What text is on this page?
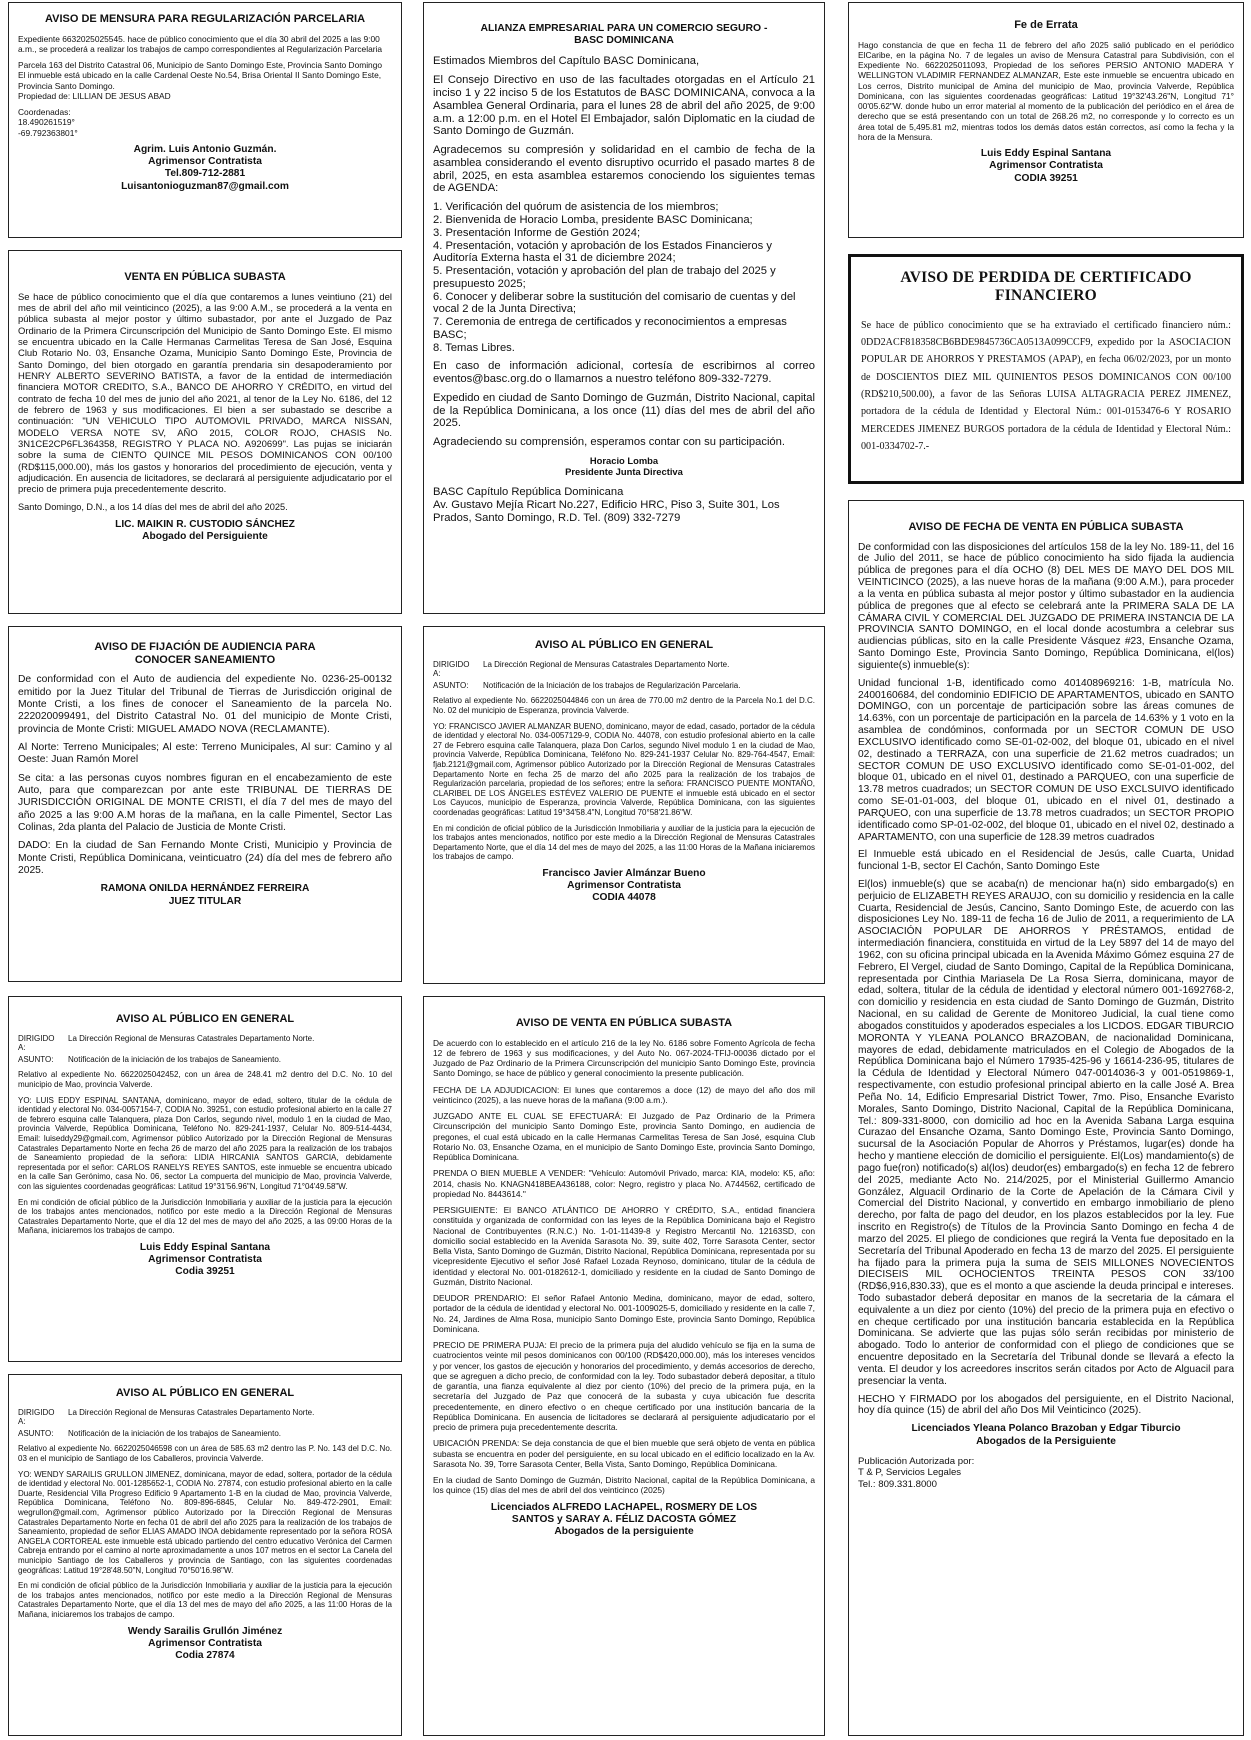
AVISO DE MENSURA PARA REGULARIZACIÓN PARCELARIA
Expediente 6632025025545. hace de público conocimiento que el día 30 abril del 2025 a las 9:00 a.m., se procederá a realizar los trabajos de campo correspondientes al Regularización Parcelaria
Parcela 163 del Distrito Catastral 06, Municipio de Santo Domingo Este, Provincia Santo Domingo
El inmueble está ubicado en la calle Cardenal Oeste No.54, Brisa Oriental II Santo Domingo Este, Provincia Santo Domingo.
Propiedad de: LILLIAN DE JESUS ABAD
Coordenadas:
18.490261519°
-69.792363801°
Agrim. Luis Antonio Guzmán.
Agrimensor Contratista
Tel.809-712-2881
Luisantonioguzman87@gmail.com
VENTA EN PÚBLICA SUBASTA
Se hace de público conocimiento que el día que contaremos a lunes veintiuno (21) del mes de abril del año mil veinticinco (2025), a las 9:00 A.M., se procederá a la venta en pública subasta al mejor postor y último subastador, por ante el Juzgado de Paz Ordinario de la Primera Circunscripción del Municipio de Santo Domingo Este. El mismo se encuentra ubicado en la Calle Hermanas Carmelitas Teresa de San José, Esquina Club Rotario No. 03, Ensanche Ozama, Municipio Santo Domingo Este, Provincia de Santo Domingo, del bien otorgado en garantía prendaria sin desapoderamiento por HENRY ALBERTO SEVERINO BATISTA, a favor de la entidad de intermediación financiera MOTOR CREDITO, S.A., BANCO DE AHORRO Y CRÉDITO, en virtud del contrato de fecha 10 del mes de junio del año 2021, al tenor de la Ley No. 6186, del 12 de febrero de 1963 y sus modificaciones. El bien a ser subastado se describe a continuación: "UN VEHICULO TIPO AUTOMOVIL PRIVADO, MARCA NISSAN, MODELO VERSA NOTE SV, AÑO 2015, COLOR ROJO, CHASIS No. 3N1CE2CP6FL364358, REGISTRO Y PLACA NO. A920699". Las pujas se iniciarán sobre la suma de CIENTO QUINCE MIL PESOS DOMINICANOS CON 00/100 (RD$115,000.00), más los gastos y honorarios del procedimiento de ejecución, venta y adjudicación. En ausencia de licitadores, se declarará al persiguiente adjudicatario por el precio de primera puja precedentemente descrito.
Santo Domingo, D.N., a los 14 días del mes de abril del año 2025.
LIC. MAIKIN R. CUSTODIO SÁNCHEZ
Abogado del Persiguiente
AVISO DE FIJACIÓN DE AUDIENCIA PARA
CONOCER SANEAMIENTO
De conformidad con el Auto de audiencia del expediente No. 0236-25-00132 emitido por la Juez Titular del Tribunal de Tierras de Jurisdicción original de Monte Cristi, a los fines de conocer el Saneamiento de la parcela No. 222020099491, del Distrito Catastral No. 01 del municipio de Monte Cristi, provincia de Monte Cristi: MIGUEL AMADO NOVA (RECLAMANTE).
Al Norte: Terreno Municipales; Al este: Terreno Municipales, Al sur: Camino y al Oeste: Juan Ramón Morel
Se cita: a las personas cuyos nombres figuran en el encabezamiento de este Auto, para que comparezcan por ante este TRIBUNAL DE TIERRAS DE JURISDICCIÓN ORIGINAL DE MONTE CRISTI, el día 7 del mes de mayo del año 2025 a las 9:00 A.M horas de la mañana, en la calle Pimentel, Sector Las Colinas, 2da planta del Palacio de Justicia de Monte Cristi.
DADO: En la ciudad de San Fernando Monte Cristi, Municipio y Provincia de Monte Cristi, República Dominicana, veinticuatro (24) día del mes de febrero año 2025.
RAMONA ONILDA HERNÁNDEZ FERREIRA
JUEZ TITULAR
AVISO AL PÚBLICO EN GENERAL
DIRIGIDO A:
La Dirección Regional de Mensuras Catastrales Departamento Norte.
ASUNTO:	Notificación de la iniciación de los trabajos de Saneamiento.
Relativo al expediente No. 6622025042452, con un área de 248.41 m2 dentro del D.C. No. 10 del municipio de Mao, provincia Valverde.
YO: LUIS EDDY ESPINAL SANTANA, dominicano, mayor de edad, soltero, titular de la cédula de identidad y electoral No. 034-0057154-7, CODIA No. 39251, con estudio profesional abierto en la calle 27 de febrero esquina calle Talanquera, plaza Don Carlos, segundo nivel, modulo 1 en la ciudad de Mao, provincia Valverde, República Dominicana, Teléfono No. 829-241-1937, Celular No. 809-514-4434, Email: luiseddy29@gmail.com, Agrimensor público Autorizado por la Dirección Regional de Mensuras Catastrales Departamento Norte en fecha 26 de marzo del año 2025 para la realización de los trabajos de Saneamiento propiedad de la señora: LIDIA HIRCANIA SANTOS GARCIA, debidamente representada por el señor: CARLOS RANELYS REYES SANTOS, este inmueble se encuentra ubicado en la calle San Gerónimo, casa No. 06, sector La compuerta del municipio de Mao, provincia Valverde, con las siguientes coordenadas geográficas: Latitud 19°31'56.96"N, Longitud 71°04'49.58"W.
En mi condición de oficial público de la Jurisdicción Inmobiliaria y auxiliar de la justicia para la ejecución de los trabajos antes mencionados, notifico por este medio a la Dirección Regional de Mensuras Catastrales Departamento Norte, que el día 12 del mes de mayo del año 2025, a las 09:00 Horas de la Mañana, iniciaremos los trabajos de campo.
Luis Eddy Espinal Santana
Agrimensor Contratista
Codia 39251
AVISO AL PÚBLICO EN GENERAL
DIRIGIDO A:
La Dirección Regional de Mensuras Catastrales Departamento Norte.
ASUNTO:	Notificación de la iniciación de los trabajos de Saneamiento.
Relativo al expediente No. 6622025046598 con un área de 585.63 m2 dentro las P. No. 143 del D.C. No. 03 en el municipio de Santiago de los Caballeros, provincia Valverde.
YO: WENDY SARAILIS GRULLON JIMENEZ, dominicana, mayor de edad, soltera, portador de la cédula de identidad y electoral No. 001-1285652-1, CODIA No. 27874, con estudio profesional abierto en la calle Duarte, Residencial Villa Progreso Edificio 9 Apartamento 1-B en la ciudad de Mao, provincia Valverde, República Dominicana, Teléfono No. 809-896-6845, Celular No. 849-472-2901, Email: wegrullon@gmail.com, Agrimensor público Autorizado por la Dirección Regional de Mensuras Catastrales Departamento Norte en fecha 01 de abril del año 2025 para la realización de los trabajos de Saneamiento, propiedad de señor ELIAS AMADO INOA debidamente representado por la señora ROSA ANGELA CORTOREAL este inmueble está ubicado partiendo del centro educativo Verónica del Carmen Cabreja entrando por el camino al norte aproximadamente a unos 107 metros en el sector La Canela del municipio Santiago de los Caballeros y provincia de Santiago, con las siguientes coordenadas geográficas: Latitud 19°28'48.50"N, Longitud 70°50'16.98"W.
En mi condición de oficial público de la Jurisdicción Inmobiliaria y auxiliar de la justicia para la ejecución de los trabajos antes mencionados, notifico por este medio a la Dirección Regional de Mensuras Catastrales Departamento Norte, que el día 13 del mes de mayo del año 2025, a las 11:00 Horas de la Mañana, iniciaremos los trabajos de campo.
Wendy Sarailis Grullón Jiménez
Agrimensor Contratista
Codia 27874
ALIANZA EMPRESARIAL PARA UN COMERCIO SEGURO -
BASC DOMINICANA
Estimados Miembros del Capítulo BASC Dominicana,
El Consejo Directivo en uso de las facultades otorgadas en el Artículo 21 inciso 1 y 22 inciso 5 de los Estatutos de BASC DOMINICANA, convoca a la Asamblea General Ordinaria, para el lunes 28 de abril del año 2025, de 9:00 a.m. a 12:00 p.m. en el Hotel El Embajador, salón Diplomatic en la ciudad de Santo Domingo de Guzmán.
Agradecemos su compresión y solidaridad en el cambio de fecha de la asamblea considerando el evento disruptivo ocurrido el pasado martes 8 de abril, 2025, en esta asamblea estaremos conociendo los siguientes temas de AGENDA:
1. Verificación del quórum de asistencia de los miembros;
2. Bienvenida de Horacio Lomba, presidente BASC Dominicana;
3. Presentación Informe de Gestión 2024;
4. Presentación, votación y aprobación de los Estados Financieros y Auditoría Externa hasta el 31 de diciembre 2024;
5. Presentación, votación y aprobación del plan de trabajo del 2025 y presupuesto 2025;
6. Conocer y deliberar sobre la sustitución del comisario de cuentas y del vocal 2 de la Junta Directiva;
7. Ceremonia de entrega de certificados y reconocimientos a empresas BASC;
8. Temas Libres.
En caso de información adicional, cortesía de escribirnos al correo eventos@basc.org.do o llamarnos a nuestro teléfono 809-332-7279.
Expedido en ciudad de Santo Domingo de Guzmán, Distrito Nacional, capital de la República Dominicana, a los once (11) días del mes de abril del año 2025.
Agradeciendo su comprensión, esperamos contar con su participación.
Horacio Lomba
Presidente Junta Directiva
BASC Capítulo República Dominicana
Av. Gustavo Mejía Ricart No.227, Edificio HRC, Piso 3, Suite 301, Los Prados, Santo Domingo, R.D. Tel. (809) 332-7279
AVISO AL PÚBLICO EN GENERAL
DIRIGIDO A:
La Dirección Regional de Mensuras Catastrales Departamento Norte.
ASUNTO:	Notificación de la Iniciación de los trabajos de Regularización Parcelaria.
Relativo al expediente No. 6622025044846 con un área de 770.00 m2 dentro de la Parcela No.1 del D.C. No. 02 del municipio de Esperanza, provincia Valverde.
YO: FRANCISCO JAVIER ALMANZAR BUENO, dominicano, mayor de edad, casado, portador de la cédula de identidad y electoral No. 034-0057129-9, CODIA No. 44078, con estudio profesional abierto en la calle 27 de Febrero esquina calle Talanquera, plaza Don Carlos, segundo Nivel modulo 1 en la ciudad de Mao, provincia Valverde, República Dominicana, Teléfono No. 829-241-1937 Celular No. 829-764-4547, Email: fjab.2121@gmail.com, Agrimensor público Autorizado por la Dirección Regional de Mensuras Catastrales Departamento Norte en fecha 25 de marzo del año 2025 para la realización de los trabajos de Regularización parcelaria, propiedad de los señores; entre la señora: FRANCISCO PUENTE MONTAÑO, CLARIBEL DE LOS ÁNGELES ESTÉVEZ VALERIO DE PUENTE el inmueble está ubicado en el sector Los Cayucos, municipio de Esperanza, provincia Valverde, República Dominicana, con las siguientes coordenadas geográficas: Latitud 19°34'58.4"N, Longitud 70°58'21.86"W.
En mi condición de oficial público de la Jurisdicción Inmobiliaria y auxiliar de la justicia para la ejecución de los trabajos antes mencionados, notifico por este medio a la Dirección Regional de Mensuras Catastrales Departamento Norte, que el día 14 del mes de mayo del 2025, a las 11:00 Horas de la Mañana iniciaremos los trabajos de campo.
Francisco Javier Almánzar Bueno
Agrimensor Contratista
CODIA 44078
AVISO DE VENTA EN PÚBLICA SUBASTA
De acuerdo con lo establecido en el artículo 216 de la ley No. 6186 sobre Fomento Agrícola de fecha 12 de febrero de 1963 y sus modificaciones, y del Auto No. 067-2024-TFIJ-00036 dictado por el Juzgado de Paz Ordinario de la Primera Circunscripción del municipio Santo Domingo Este, provincia Santo Domingo, se hace de público y general conocimiento la presente publicación.
FECHA DE LA ADJUDICACION: El lunes que contaremos a doce (12) de mayo del año dos mil veinticinco (2025), a las nueve horas de la mañana (9:00 a.m.).
JUZGADO ANTE EL CUAL SE EFECTUARÁ: El Juzgado de Paz Ordinario de la Primera Circunscripción del municipio Santo Domingo Este, provincia Santo Domingo, en audiencia de pregones, el cual está ubicado en la calle Hermanas Carmelitas Teresa de San José, esquina Club Rotario No. 03, Ensanche Ozama, en el municipio de Santo Domingo Este, provincia Santo Domingo, República Dominicana.
PRENDA O BIEN MUEBLE A VENDER: "Vehículo: Automóvil Privado, marca: KIA, modelo: K5, año: 2014, chasis No. KNAGN418BEA436188, color: Negro, registro y placa No. A744562, certificado de propiedad No. 8443614."
PERSIGUIENTE: El BANCO ATLÁNTICO DE AHORRO Y CRÉDITO, S.A., entidad financiera constituida y organizada de conformidad con las leyes de la República Dominicana bajo el Registro Nacional de Contribuyentes (R.N.C.) No. 1-01-11439-8 y Registro Mercantil No. 12163SD, con domicilio social establecido en la Avenida Sarasota No. 39, suite 402, Torre Sarasota Center, sector Bella Vista, Santo Domingo de Guzmán, Distrito Nacional, República Dominicana, representada por su vicepresidente Ejecutivo el señor José Rafael Lozada Reynoso, dominicano, titular de la cédula de identidad y electoral No. 001-0182612-1, domiciliado y residente en la ciudad de Santo Domingo de Guzmán, Distrito Nacional.
DEUDOR PRENDARIO: El señor Rafael Antonio Medina, dominicano, mayor de edad, soltero, portador de la cédula de identidad y electoral No. 001-1009025-5, domiciliado y residente en la calle 7, No. 24, Jardines de Alma Rosa, municipio Santo Domingo Este, provincia Santo Domingo, República Dominicana.
PRECIO DE PRIMERA PUJA: El precio de la primera puja del aludido vehículo se fija en la suma de cuatrocientos veinte mil pesos dominicanos con 00/100 (RD$420,000.00), más los intereses vencidos y por vencer, los gastos de ejecución y honorarios del procedimiento, y demás accesorios de derecho, que se agreguen a dicho precio, de conformidad con la ley. Todo subastador deberá depositar, a título de garantía, una fianza equivalente al diez por ciento (10%) del precio de la primera puja, en la secretaría del Juzgado de Paz que conocerá de la subasta y cuya ubicación fue descrita precedentemente, en dinero efectivo o en cheque certificado por una institución bancaria de la República Dominicana. En ausencia de licitadores se declarará al persiguiente adjudicatario por el precio de primera puja precedentemente descrita.
UBICACIÓN PRENDA: Se deja constancia de que el bien mueble que será objeto de venta en pública subasta se encuentra en poder del persiguiente, en su local ubicado en el edificio localizado en la Av. Sarasota No. 39, Torre Sarasota Center, Bella Vista, Santo Domingo, República Dominicana.
En la ciudad de Santo Domingo de Guzmán, Distrito Nacional, capital de la República Dominicana, a los quince (15) días del mes de abril del dos veinticinco (2025)
Licenciados ALFREDO LACHAPEL, ROSMERY DE LOS
SANTOS y SARAY A. FÉLIZ DACOSTA GÓMEZ
Abogados de la persiguiente
Fe de Errata
Hago constancia de que en fecha 11 de febrero del año 2025 salió publicado en el periódico ElCaribe, en la página No. 7 de legales un aviso de Mensura Catastral para Subdivisión, con el Expediente No. 6622025011093, Propiedad de los señores PERSIO ANTONIO MADERA Y WELLINGTON VLADIMIR FERNANDEZ ALMANZAR, Este este inmueble se encuentra ubicado en Los cerros, Distrito municipal de Amina del municipio de Mao, provincia Valverde, República Dominicana, con las siguientes coordenadas geográficas: Latitud 19°32'43.26"N, Longitud 71° 00'05.62"W. donde hubo un error material al momento de la publicación del periódico en el área de derecho que se está presentando con un total de 268.26 m2, no corresponde y lo correcto es un área total de 5,495.81 m2, mientras todos los demás datos están correctos, así como la fecha y la hora de la Mensura.
Luis Eddy Espinal Santana
Agrimensor Contratista
CODIA 39251
AVISO DE PERDIDA DE CERTIFICADO FINANCIERO
Se hace de público conocimiento que se ha extraviado el certificado financiero núm.: 0DD2ACF818358CB6BDE9845736CA0513A099CCF9, expedido por la ASOCIACION POPULAR DE AHORROS Y PRESTAMOS (APAP), en fecha 06/02/2023, por un monto de DOSCIENTOS DIEZ MIL QUINIENTOS PESOS DOMINICANOS CON 00/100 (RD$210,500.00), a favor de las Señoras LUISA ALTAGRACIA PEREZ JIMENEZ, portadora de la cédula de Identidad y Electoral Núm.: 001-0153476-6 Y ROSARIO MERCEDES JIMENEZ BURGOS portadora de la cédula de Identidad y Electoral Núm.: 001-0334702-7.-
AVISO DE FECHA DE VENTA EN PÚBLICA SUBASTA
De conformidad con las disposiciones del artículos 158 de la ley No. 189-11, del 16 de Julio del 2011, se hace de público conocimiento ha sido fijada la audiencia pública de pregones para el día OCHO (8) DEL MES DE MAYO DEL DOS MIL VEINTICINCO (2025), a las nueve horas de la mañana (9:00 A.M.), para proceder a la venta en pública subasta al mejor postor y último subastador en la audiencia pública de pregones que al efecto se celebrará ante la PRIMERA SALA DE LA CÁMARA CIVIL Y COMERCIAL DEL JUZGADO DE PRIMERA INSTANCIA DE LA PROVINCIA SANTO DOMINGO, en el local donde acostumbra a celebrar sus audiencias públicas, sito en la calle Presidente Vásquez #23, Ensanche Ozama, Santo Domingo Este, Provincia Santo Domingo, República Dominicana, el(los) siguiente(s) inmueble(s):
Unidad funcional 1-B, identificado como 401408969216: 1-B, matrícula No. 2400160684, del condominio EDIFICIO DE APARTAMENTOS, ubicado en SANTO DOMINGO, con un porcentaje de participación sobre las áreas comunes de 14.63%, con un porcentaje de participación en la parcela de 14.63% y 1 voto en la asamblea de condóminos, conformada por un SECTOR COMUN DE USO EXCLUSIVO identificado como SE-01-02-002, del bloque 01, ubicado en el nivel 02, destinado a TERRAZA, con una superficie de 21.62 metros cuadrados; un SECTOR COMUN DE USO EXCLUSIVO identificado como SE-01-01-002, del bloque 01, ubicado en el nivel 01, destinado a PARQUEO, con una superficie de 13.78 metros cuadrados; un SECTOR COMUN DE USO EXCLSUIVO identificado como SE-01-01-003, del bloque 01, ubicado en el nivel 01, destinado a PARQUEO, con una superficie de 13.78 metros cuadrados; un SECTOR PROPIO identificado como SP-01-02-002, del bloque 01, ubicado en el nivel 02, destinado a APARTAMENTO, con una superficie de 128.39 metros cuadrados
El Inmueble está ubicado en el Residencial de Jesús, calle Cuarta, Unidad funcional 1-B, sector El Cachón, Santo Domingo Este
El(los) inmueble(s) que se acaba(n) de mencionar ha(n) sido embargado(s) en perjuicio de ELIZABETH REYES ARAUJO, con su domicilio y residencia en la calle Cuarta, Residencial de Jesús, Cancino, Santo Domingo Este, de acuerdo con las disposiciones Ley No. 189-11 de fecha 16 de Julio de 2011, a requerimiento de LA ASOCIACIÓN POPULAR DE AHORROS Y PRÉSTAMOS, entidad de intermediación financiera, constituida en virtud de la Ley 5897 del 14 de mayo del 1962, con su oficina principal ubicada en la Avenida Máximo Gómez esquina 27 de Febrero, El Vergel, ciudad de Santo Domingo, Capital de la República Dominicana, representada por Cinthia Mariasela De La Rosa Sierra, dominicana, mayor de edad, soltera, titular de la cédula de identidad y electoral número 001-1692768-2, con domicilio y residencia en esta ciudad de Santo Domingo de Guzmán, Distrito Nacional, en su calidad de Gerente de Monitoreo Judicial, la cual tiene como abogados constituidos y apoderados especiales a los LICDOS. EDGAR TIBURCIO MORONTA Y YLEANA POLANCO BRAZOBAN, de nacionalidad Dominicana, mayores de edad, debidamente matriculados en el Colegio de Abogados de la República Dominicana bajo el Número 17935-425-96 y 16614-236-95, titulares de la Cédula de Identidad y Electoral Número 047-0014036-3 y 001-0519869-1, respectivamente, con estudio profesional principal abierto en la calle José A. Brea Peña No. 14, Edificio Empresarial District Tower, 7mo. Piso, Ensanche Evaristo Morales, Santo Domingo, Distrito Nacional, Capital de la República Dominicana, Tel.: 809-331-8000, con domicilio ad hoc en la Avenida Sabana Larga esquina Curazao del Ensanche Ozama, Santo Domingo Este, Provincia Santo Domingo, sucursal de la Asociación Popular de Ahorros y Préstamos, lugar(es) donde ha hecho y mantiene elección de domicilio el persiguiente. El(Los) mandamiento(s) de pago fue(ron) notificado(s) al(los) deudor(es) embargado(s) en fecha 12 de febrero del 2025, mediante Acto No. 214/2025, por el Ministerial Guillermo Amancio González, Alguacil Ordinario de la Corte de Apelación de la Cámara Civil y Comercial del Distrito Nacional, y convertido en embargo inmobiliario de pleno derecho, por falta de pago del deudor, en los plazos establecidos por la ley. Fue inscrito en Registro(s) de Títulos de la Provincia Santo Domingo en fecha 4 de marzo del 2025. El pliego de condiciones que regirá la Venta fue depositado en la Secretaría del Tribunal Apoderado en fecha 13 de marzo del 2025. El persiguiente ha fijado para la primera puja la suma de SEIS MILLONES NOVECIENTOS DIECISEIS MIL OCHOCIENTOS TREINTA PESOS CON 33/100 (RD$6,916,830.33), que es el monto a que asciende la deuda principal e intereses. Todo subastador deberá depositar en manos de la secretaria de la cámara el equivalente a un diez por ciento (10%) del precio de la primera puja en efectivo o en cheque certificado por una institución bancaria establecida en la República Dominicana. Se advierte que las pujas sólo serán recibidas por ministerio de abogado. Todo lo anterior de conformidad con el pliego de condiciones que se encuentre depositado en la Secretaría del Tribunal donde se llevará a efecto la venta. El deudor y los acreedores inscritos serán citados por Acto de Alguacil para presenciar la venta.
HECHO Y FIRMADO por los abogados del persiguiente, en el Distrito Nacional, hoy día quince (15) de abril del año Dos Mil Veinticinco (2025).
Licenciados Yleana Polanco Brazoban y Edgar Tiburcio
Abogados de la Persiguiente
Publicación Autorizada por:
T & P, Servicios Legales
Tel.: 809.331.8000
